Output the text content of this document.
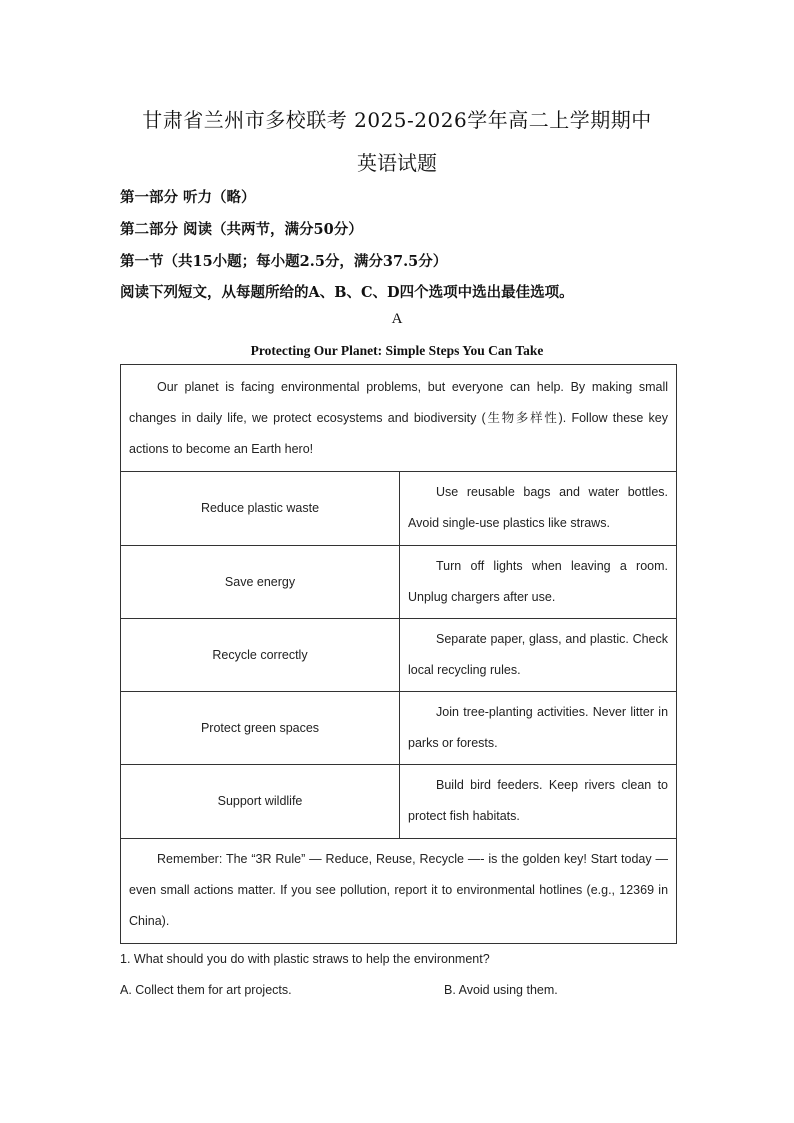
甘肃省兰州市多校联考 2025-2026学年高二上学期期中
英语试题
第一部分 听力（略）
第二部分 阅读（共两节，满分50分）
第一节（共15小题；每小题2.5分，满分37.5分）
阅读下列短文，从每题所给的A、B、C、D四个选项中选出最佳选项。
A
Protecting Our Planet: Simple Steps You Can Take

Our planet is facing environmental problems, but everyone can help. By making small changes in daily life, we protect ecosystems and biodiversity (生物多样性). Follow these key actions to become an Earth hero!	

Reduce plastic waste	Use reusable bags and water bottles. Avoid single-use plastics like straws.

Save energy	Turn off lights when leaving a room. Unplug chargers after use.

Recycle correctly	Separate paper, glass, and plastic. Check local recycling rules.

Protect green spaces	Join tree-planting activities. Never litter in parks or forests.

Support wildlife	Build bird feeders. Keep rivers clean to protect fish habitats.

Remember: The “3R Rule” — Reduce, Reuse, Recycle —- is the golden key! Start today — even small actions matter. If you see pollution, report it to environmental hotlines (e.g., 12369 in China).	

1. What should you do with plastic straws to help the environment?
A. Collect them for art projects.	B. Avoid using them.
